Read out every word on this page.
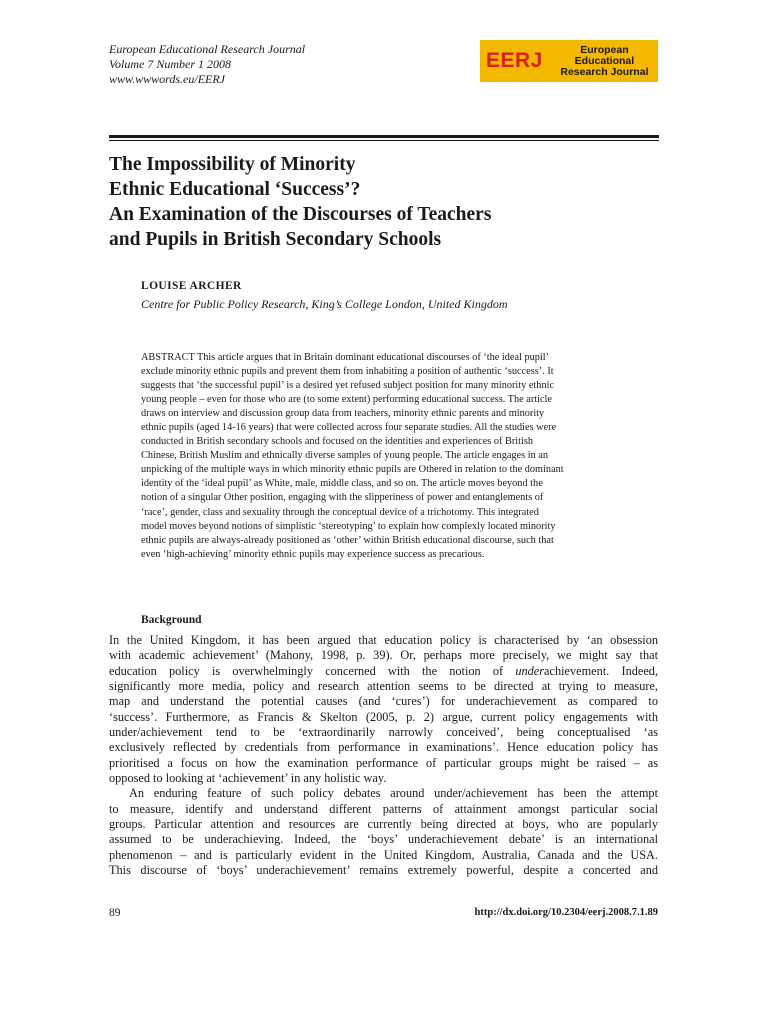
European Educational Research Journal
Volume 7 Number 1 2008
www.wwwords.eu/EERJ
EERJ	European Educational
Research Journal
The Impossibility of Minority
Ethnic Educational ‘Success’?
An Examination of the Discourses of Teachers
and Pupils in British Secondary Schools
LOUISE ARCHER
Centre for Public Policy Research, King’s College London, United Kingdom
ABSTRACT This article argues that in Britain dominant educational discourses of ‘the ideal pupil’
exclude minority ethnic pupils and prevent them from inhabiting a position of authentic ‘success’. It
suggests that ‘the successful pupil’ is a desired yet refused subject position for many minority ethnic
young people – even for those who are (to some extent) performing educational success. The article
draws on interview and discussion group data from teachers, minority ethnic parents and minority
ethnic pupils (aged 14-16 years) that were collected across four separate studies. All the studies were
conducted in British secondary schools and focused on the identities and experiences of British
Chinese, British Muslim and ethnically diverse samples of young people. The article engages in an
unpicking of the multiple ways in which minority ethnic pupils are Othered in relation to the dominant
identity of the ‘ideal pupil’ as White, male, middle class, and so on. The article moves beyond the
notion of a singular Other position, engaging with the slipperiness of power and entanglements of
‘race’, gender, class and sexuality through the conceptual device of a trichotomy. This integrated
model moves beyond notions of simplistic ‘stereotyping’ to explain how complexly located minority
ethnic pupils are always-already positioned as ‘other’ within British educational discourse, such that
even ‘high-achieving’ minority ethnic pupils may experience success as precarious.
Background
In the United Kingdom, it has been argued that education policy is characterised by ‘an obsession
with academic achievement’ (Mahony, 1998, p. 39). Or, perhaps more precisely, we might say that
education policy is overwhelmingly concerned with the notion of underachievement. Indeed,
significantly more media, policy and research attention seems to be directed at trying to measure,
map and understand the potential causes (and ‘cures’) for underachievement as compared to
‘success’. Furthermore, as Francis & Skelton (2005, p. 2) argue, current policy engagements with
under/achievement tend to be ‘extraordinarily narrowly conceived’, being conceptualised ‘as
exclusively reflected by credentials from performance in examinations’. Hence education policy has
prioritised a focus on how the examination performance of particular groups might be raised – as
opposed to looking at ‘achievement’ in any holistic way.
An enduring feature of such policy debates around under/achievement has been the attempt
to measure, identify and understand different patterns of attainment amongst particular social
groups. Particular attention and resources are currently being directed at boys, who are popularly
assumed to be underachieving. Indeed, the ‘boys’ underachievement debate’ is an international
phenomenon – and is particularly evident in the United Kingdom, Australia, Canada and the USA.
This discourse of ‘boys’ underachievement’ remains extremely powerful, despite a concerted and
89	http://dx.doi.org/10.2304/eerj.2008.7.1.89
